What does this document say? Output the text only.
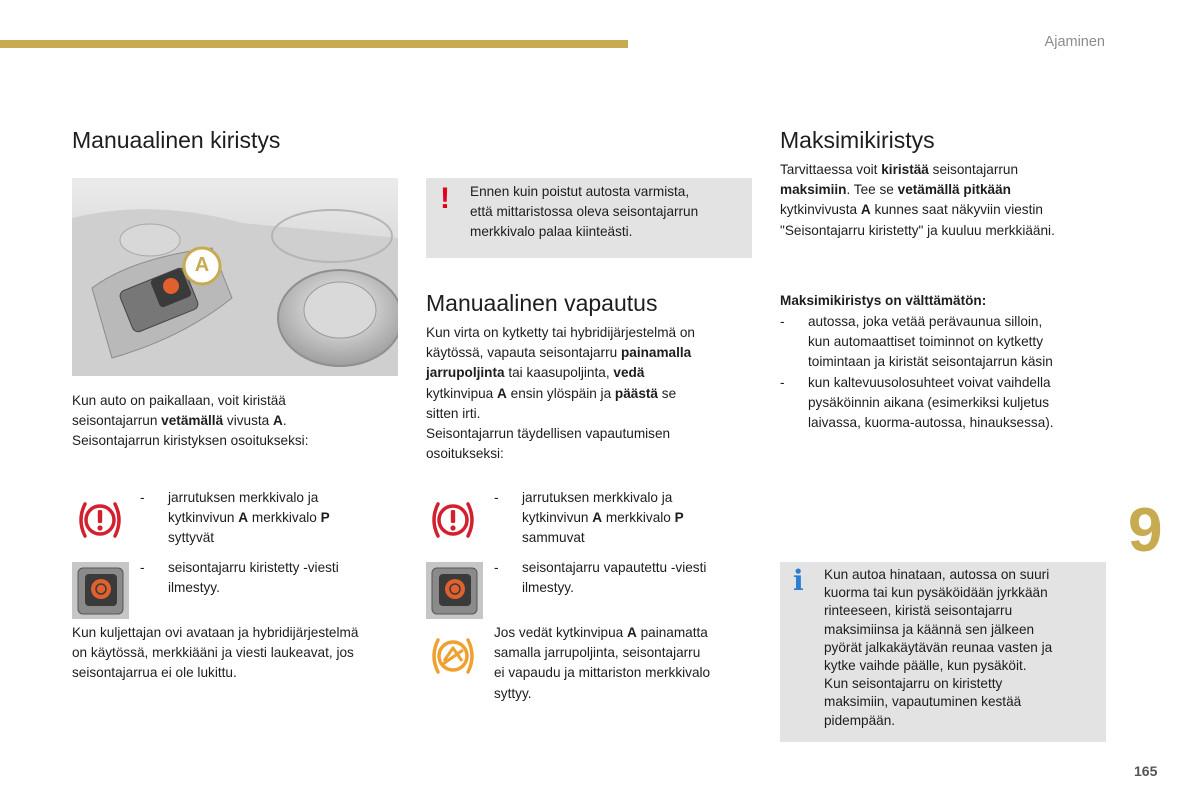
Ajaminen
Manuaalinen kiristys
A
Kun auto on paikallaan, voit kiristää
seisontajarrun vetämällä vivusta A.
Seisontajarrun kiristyksen osoitukseksi:
-	jarrutuksen merkkivalo ja
kytkinvivun A merkkivalo P
syttyvät
-	seisontajarru kiristetty -viesti
ilmestyy.
Kun kuljettajan ovi avataan ja hybridijärjestelmä
on käytössä, merkkiääni ja viesti laukeavat, jos
seisontajarrua ei ole lukittu.
! Ennen kuin poistut autosta varmista,
että mittaristossa oleva seisontajarrun
merkkivalo palaa kiinteästi.
Manuaalinen vapautus
Kun virta on kytketty tai hybridijärjestelmä on
käytössä, vapauta seisontajarru painamalla
jarrupoljinta tai kaasupoljinta, vedä
kytkinvipua A ensin ylöspäin ja päästä se
sitten irti.
Seisontajarrun täydellisen vapautumisen
osoitukseksi:
-	jarrutuksen merkkivalo ja
kytkinvivun A merkkivalo P
sammuvat
-	seisontajarru vapautettu -viesti
ilmestyy.
Jos vedät kytkinvipua A painamatta
samalla jarrupoljinta, seisontajarru
ei vapaudu ja mittariston merkkivalo
syttyy.
Maksimikiristys
Tarvittaessa voit kiristää seisontajarrun
maksimiin. Tee se vetämällä pitkään
kytkinvivusta A kunnes saat näkyviin viestin
"Seisontajarru kiristetty" ja kuuluu merkkiääni.
Maksimikiristys on välttämätön:
-	autossa, joka vetää perävaunua silloin,
kun automaattiset toiminnot on kytketty
toimintaan ja kiristät seisontajarrun käsin
-	kun kaltevuusolosuhteet voivat vaihdella
pysäköinnin aikana (esimerkiksi kuljetus
laivassa, kuorma-autossa, hinauksessa).
9
i Kun autoa hinataan, autossa on suuri
kuorma tai kun pysäköidään jyrkkään
rinteeseen, kiristä seisontajarru
maksimiinsa ja käännä sen jälkeen
pyörät jalkakäytävän reunaa vasten ja
kytke vaihde päälle, kun pysäköit.
Kun seisontajarru on kiristetty
maksimiin, vapautuminen kestää
pidempään.
165
